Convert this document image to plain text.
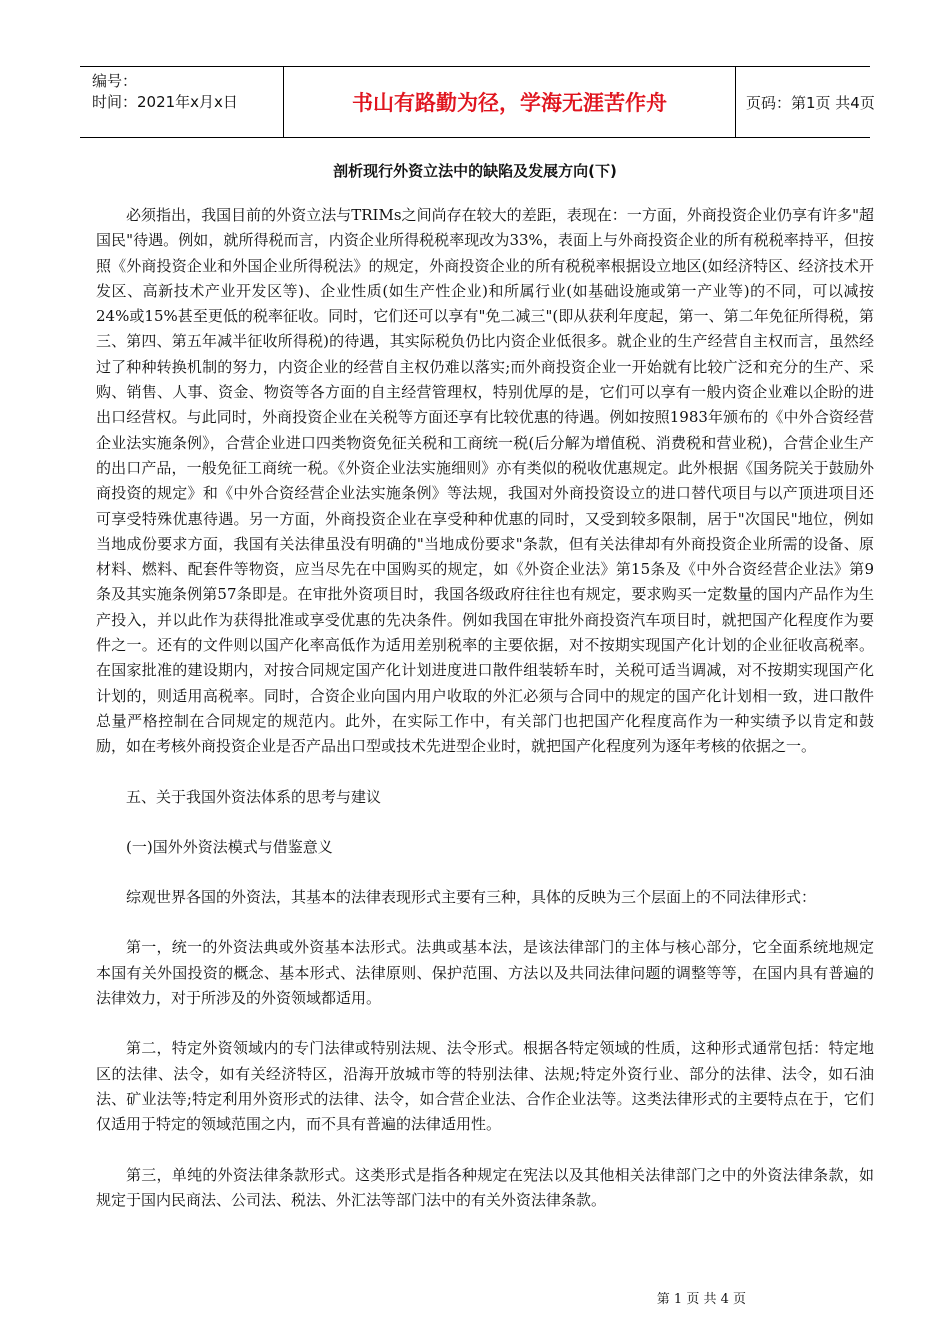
编号：
时间：2021年x月x日	书山有路勤为径，学海无涯苦作舟	页码：第1页 共4页
剖析现行外资立法中的缺陷及发展方向(下)

必须指出，我国目前的外资立法与TRIMs之间尚存在较大的差距，表现在：一方面，外商投资企业仍享有许多"超国民"待遇。例如，就所得税而言，内资企业所得税税率现改为33%，表面上与外商投资企业的所有税税率持平，但按照《外商投资企业和外国企业所得税法》的规定，外商投资企业的所有税税率根据设立地区(如经济特区、经济技术开发区、高新技术产业开发区等)、企业性质(如生产性企业)和所属行业(如基础设施或第一产业等)的不同，可以减按24%或15%甚至更低的税率征收。同时，它们还可以享有"免二减三"(即从获利年度起，第一、第二年免征所得税，第三、第四、第五年减半征收所得税)的待遇，其实际税负仍比内资企业低很多。就企业的生产经营自主权而言，虽然经过了种种转换机制的努力，内资企业的经营自主权仍难以落实;而外商投资企业一开始就有比较广泛和充分的生产、采购、销售、人事、资金、物资等各方面的自主经营管理权，特别优厚的是，它们可以享有一般内资企业难以企盼的进出口经营权。与此同时，外商投资企业在关税等方面还享有比较优惠的待遇。例如按照1983年颁布的《中外合资经营企业法实施条例》，合营企业进口四类物资免征关税和工商统一税(后分解为增值税、消费税和营业税)，合营企业生产的出口产品，一般免征工商统一税。《外资企业法实施细则》亦有类似的税收优惠规定。此外根据《国务院关于鼓励外商投资的规定》和《中外合资经营企业法实施条例》等法规，我国对外商投资设立的进口替代项目与以产顶进项目还可享受特殊优惠待遇。另一方面，外商投资企业在享受种种优惠的同时，又受到较多限制，居于"次国民"地位，例如当地成份要求方面，我国有关法律虽没有明确的"当地成份要求"条款，但有关法律却有外商投资企业所需的设备、原材料、燃料、配套件等物资，应当尽先在中国购买的规定，如《外资企业法》第15条及《中外合资经营企业法》第9条及其实施条例第57条即是。在审批外资项目时，我国各级政府往往也有规定，要求购买一定数量的国内产品作为生产投入，并以此作为获得批准或享受优惠的先决条件。例如我国在审批外商投资汽车项目时，就把国产化程度作为要件之一。还有的文件则以国产化率高低作为适用差别税率的主要依据，对不按期实现国产化计划的企业征收高税率。在国家批准的建设期内，对按合同规定国产化计划进度进口散件组装轿车时，关税可适当调减，对不按期实现国产化计划的，则适用高税率。同时，合资企业向国内用户收取的外汇必须与合同中的规定的国产化计划相一致，进口散件总量严格控制在合同规定的规范内。此外，在实际工作中，有关部门也把国产化程度高作为一种实绩予以肯定和鼓励，如在考核外商投资企业是否产品出口型或技术先进型企业时，就把国产化程度列为逐年考核的依据之一。

五、关于我国外资法体系的思考与建议

(一)国外外资法模式与借鉴意义

综观世界各国的外资法，其基本的法律表现形式主要有三种，具体的反映为三个层面上的不同法律形式：

第一，统一的外资法典或外资基本法形式。法典或基本法，是该法律部门的主体与核心部分，它全面系统地规定本国有关外国投资的概念、基本形式、法律原则、保护范围、方法以及共同法律问题的调整等等，在国内具有普遍的法律效力，对于所涉及的外资领域都适用。

第二，特定外资领域内的专门法律或特别法规、法令形式。根据各特定领域的性质，这种形式通常包括：特定地区的法律、法令，如有关经济特区，沿海开放城市等的特别法律、法规;特定外资行业、部分的法律、法令，如石油法、矿业法等;特定利用外资形式的法律、法令，如合营企业法、合作企业法等。这类法律形式的主要特点在于，它们仅适用于特定的领域范围之内，而不具有普遍的法律适用性。

第三，单纯的外资法律条款形式。这类形式是指各种规定在宪法以及其他相关法律部门之中的外资法律条款，如规定于国内民商法、公司法、税法、外汇法等部门法中的有关外资法律条款。

第 1 页 共 4 页
